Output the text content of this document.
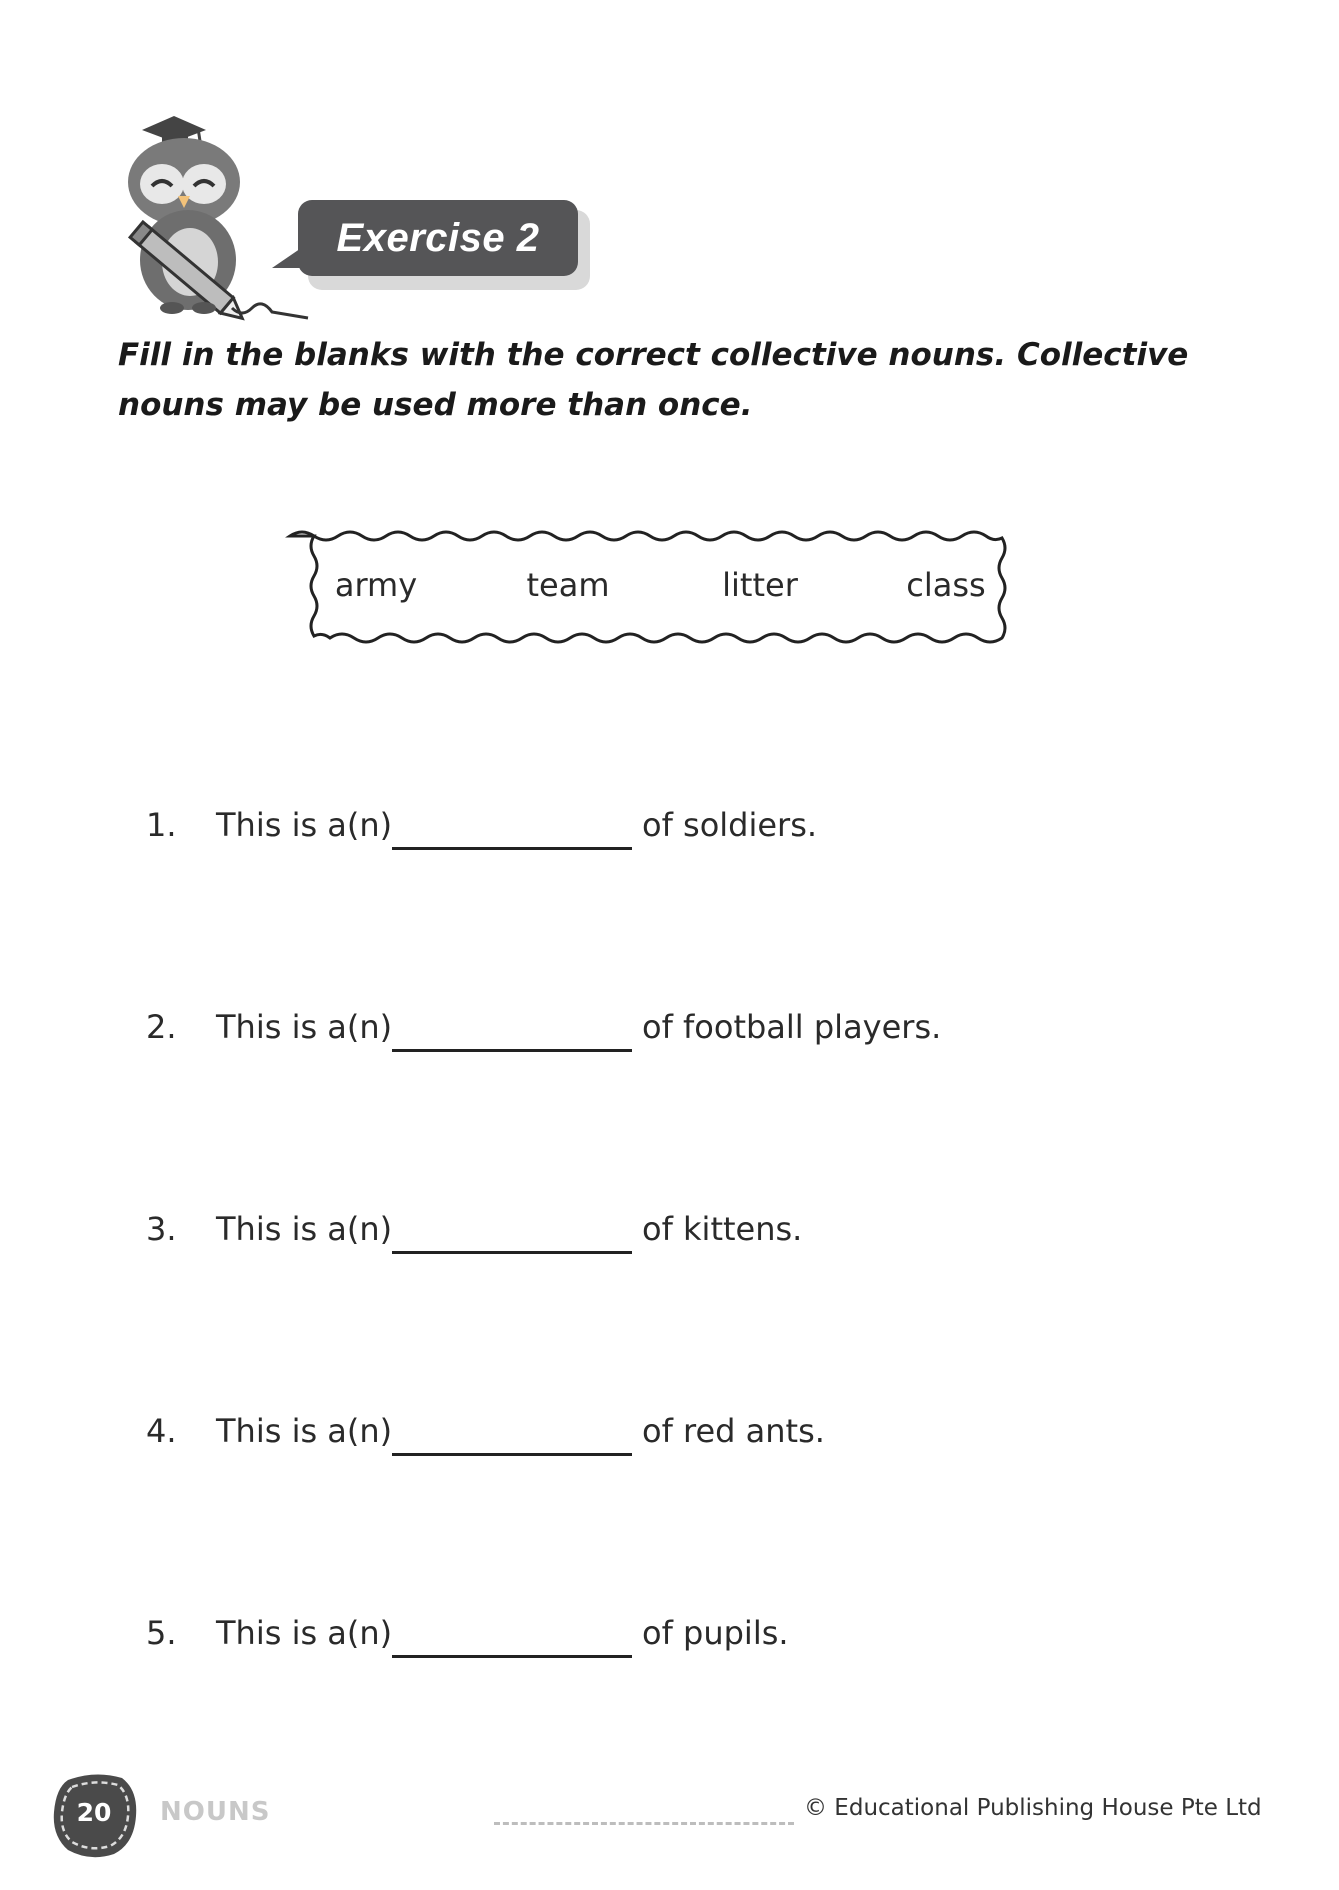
Exercise 2
Fill in the blanks with the correct collective nouns. Collective nouns may be used more than once.
army	team	litter	class
1. This is a(n)	of soldiers.
2. This is a(n)	of football players.
3. This is a(n)	of kittens.
4. This is a(n)	of red ants.
5. This is a(n)	of pupils.
20	NOUNS	© Educational Publishing House Pte Ltd
